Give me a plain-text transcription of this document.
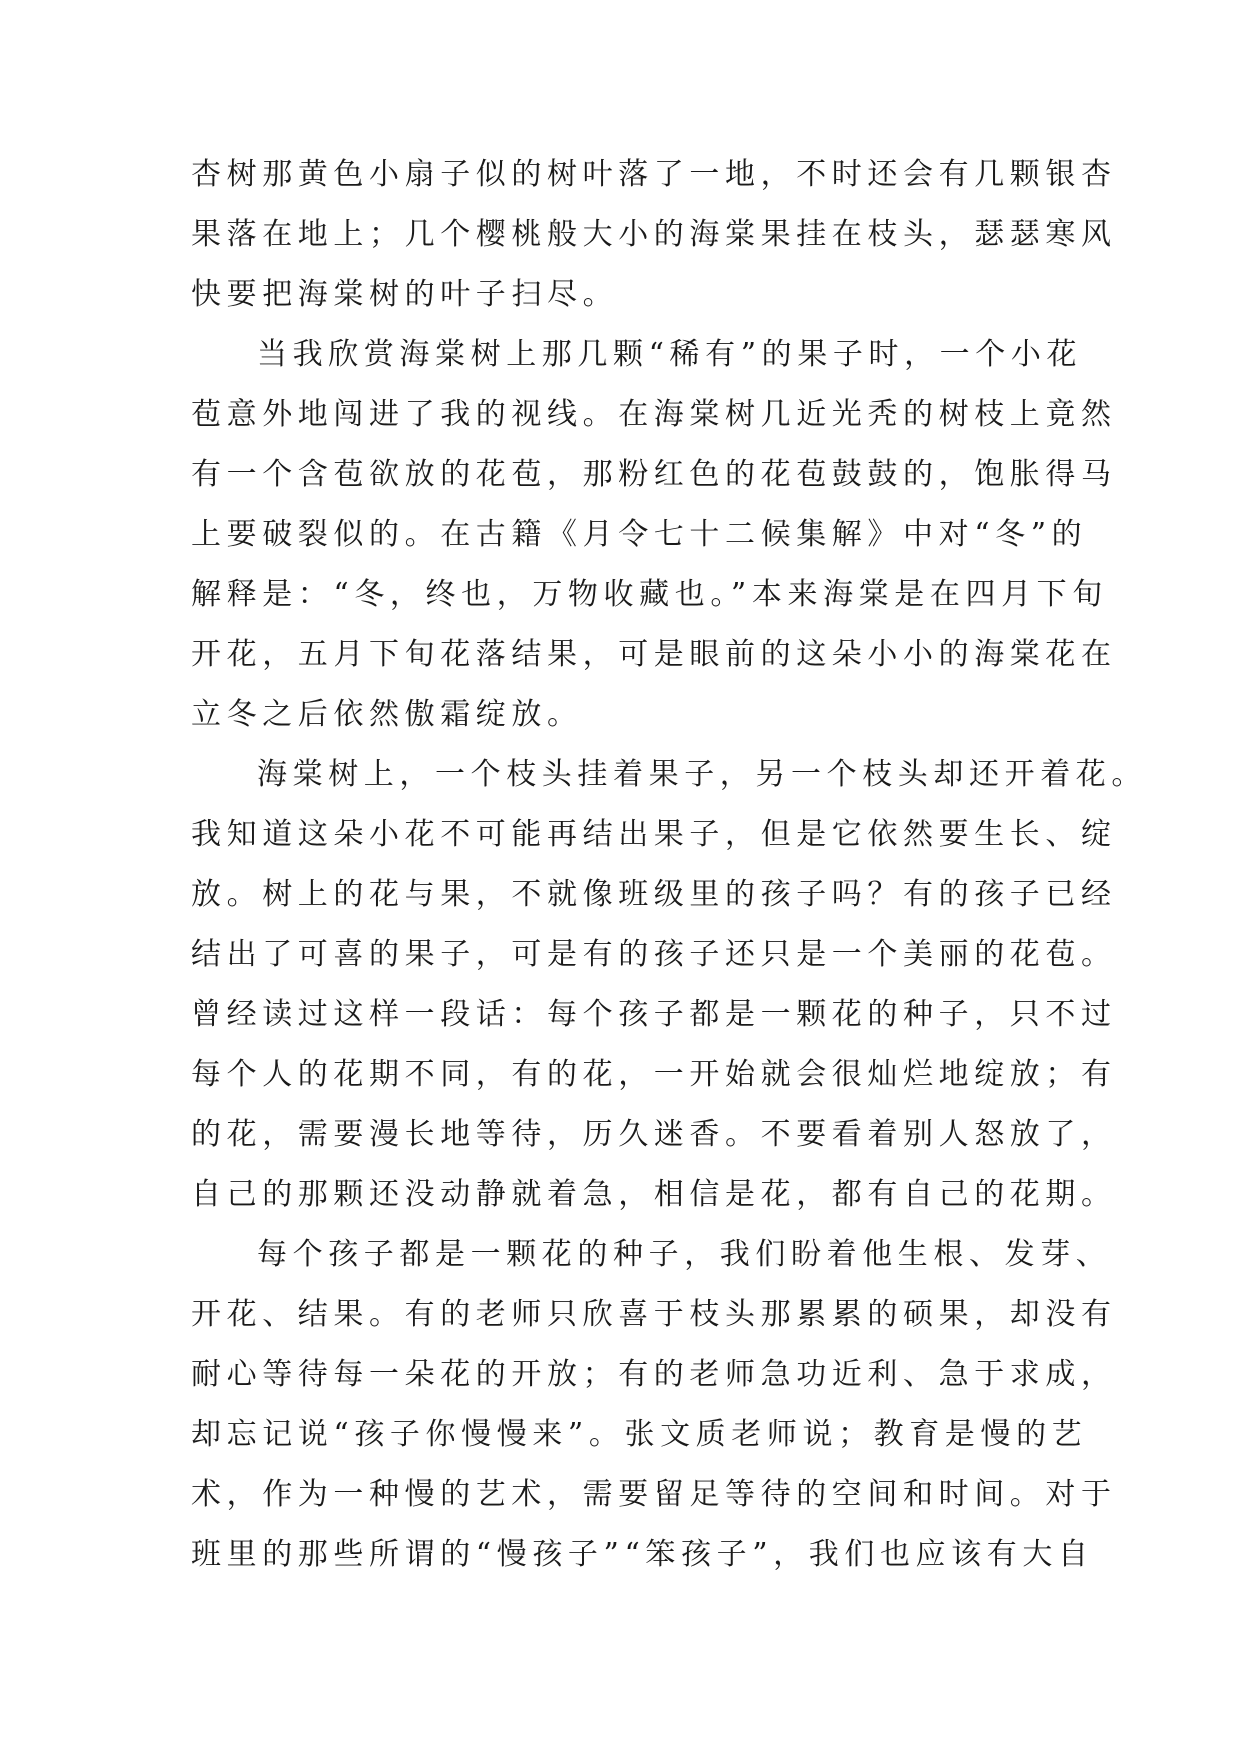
杏树那黄色小扇子似的树叶落了一地，不时还会有几颗银杏
果落在地上；几个樱桃般大小的海棠果挂在枝头，瑟瑟寒风
快要把海棠树的叶子扫尽。
当我欣赏海棠树上那几颗“稀有”的果子时，一个小花
苞意外地闯进了我的视线。在海棠树几近光秃的树枝上竟然
有一个含苞欲放的花苞，那粉红色的花苞鼓鼓的，饱胀得马
上要破裂似的。在古籍《月令七十二候集解》中对“冬”的
解释是：“冬，终也，万物收藏也。”本来海棠是在四月下旬
开花，五月下旬花落结果，可是眼前的这朵小小的海棠花在
立冬之后依然傲霜绽放。
海棠树上，一个枝头挂着果子，另一个枝头却还开着花。
我知道这朵小花不可能再结出果子，但是它依然要生长、绽
放。树上的花与果，不就像班级里的孩子吗？有的孩子已经
结出了可喜的果子，可是有的孩子还只是一个美丽的花苞。
曾经读过这样一段话：每个孩子都是一颗花的种子，只不过
每个人的花期不同，有的花，一开始就会很灿烂地绽放；有
的花，需要漫长地等待，历久迷香。不要看着别人怒放了，
自己的那颗还没动静就着急，相信是花，都有自己的花期。
每个孩子都是一颗花的种子，我们盼着他生根、发芽、
开花、结果。有的老师只欣喜于枝头那累累的硕果，却没有
耐心等待每一朵花的开放；有的老师急功近利、急于求成，
却忘记说“孩子你慢慢来”。张文质老师说；教育是慢的艺
术，作为一种慢的艺术，需要留足等待的空间和时间。对于
班里的那些所谓的“慢孩子”“笨孩子”，我们也应该有大自
